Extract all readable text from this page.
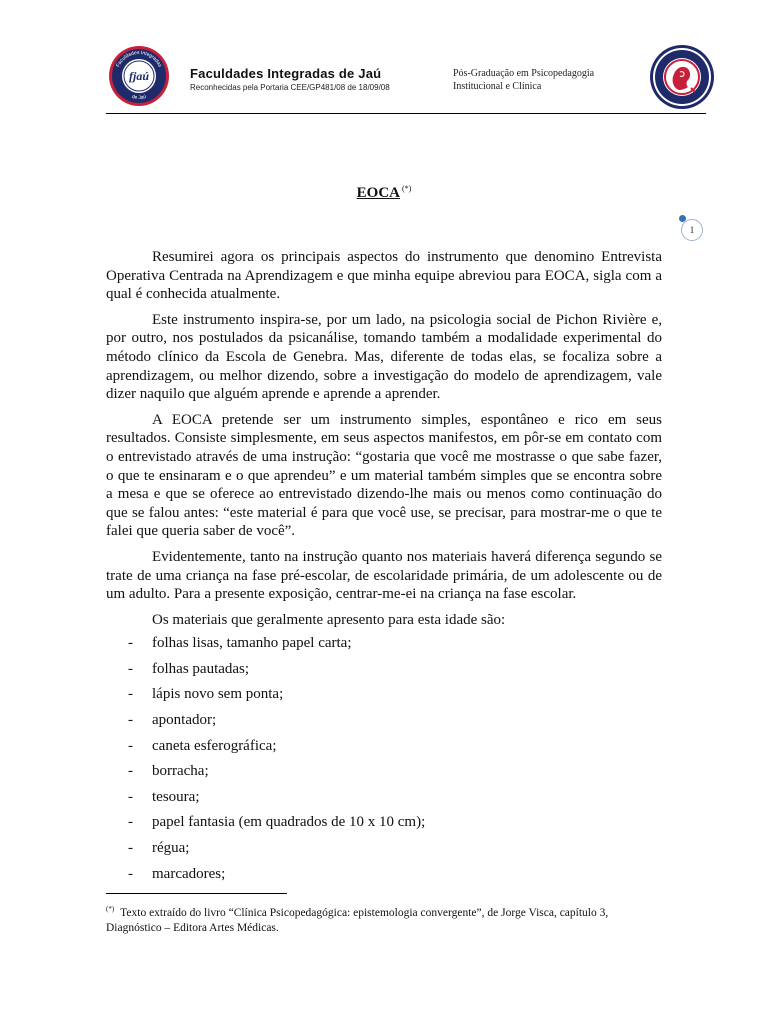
fjaú
Faculdades Integradas
de Jaú
Faculdades Integradas de Jaú
Reconhecidas pela Portaria CEE/GP481/08 de 18/09/08
Pós-Graduação em Psicopedagogia
Institucional e Clínica
1
EOCA (*)

Resumirei agora os principais aspectos do instrumento que denomino Entrevista Operativa Centrada na Aprendizagem e que minha equipe abreviou para EOCA, sigla com a qual é conhecida atualmente.

Este instrumento inspira-se, por um lado, na psicologia social de Pichon Rivière e, por outro, nos postulados da psicanálise, tomando também a modalidade experimental do método clínico da Escola de Genebra. Mas, diferente de todas elas, se focaliza sobre a aprendizagem, ou melhor dizendo, sobre a investigação do modelo de aprendizagem, vale dizer naquilo que alguém aprende e aprende a aprender.

A EOCA pretende ser um instrumento simples, espontâneo e rico em seus resultados. Consiste simplesmente, em seus aspectos manifestos, em pôr-se em contato com o entrevistado através de uma instrução: “gostaria que você me mostrasse o que sabe fazer, o que te ensinaram e o que aprendeu” e um material também simples que se encontra sobre a mesa e que se oferece ao entrevistado dizendo-lhe mais ou menos como continuação do que se falou antes: “este material é para que você use, se precisar, para mostrar-me o que te falei que queria saber de você”.

Evidentemente, tanto na instrução quanto nos materiais haverá diferença segundo se trate de uma criança na fase pré-escolar, de escolaridade primária, de um adolescente ou de um adulto. Para a presente exposição, centrar-me-ei na criança na fase escolar.

Os materiais que geralmente apresento para esta idade são:

- folhas lisas, tamanho papel carta;
- folhas pautadas;
- lápis novo sem ponta;
- apontador;
- caneta esferográfica;
- borracha;
- tesoura;
- papel fantasia (em quadrados de 10 x 10 cm);
- régua;
- marcadores;
(*) Texto extraído do livro “Clínica Psicopedagógica: epistemologia convergente”, de Jorge Visca, capítulo 3, Diagnóstico – Editora Artes Médicas.
